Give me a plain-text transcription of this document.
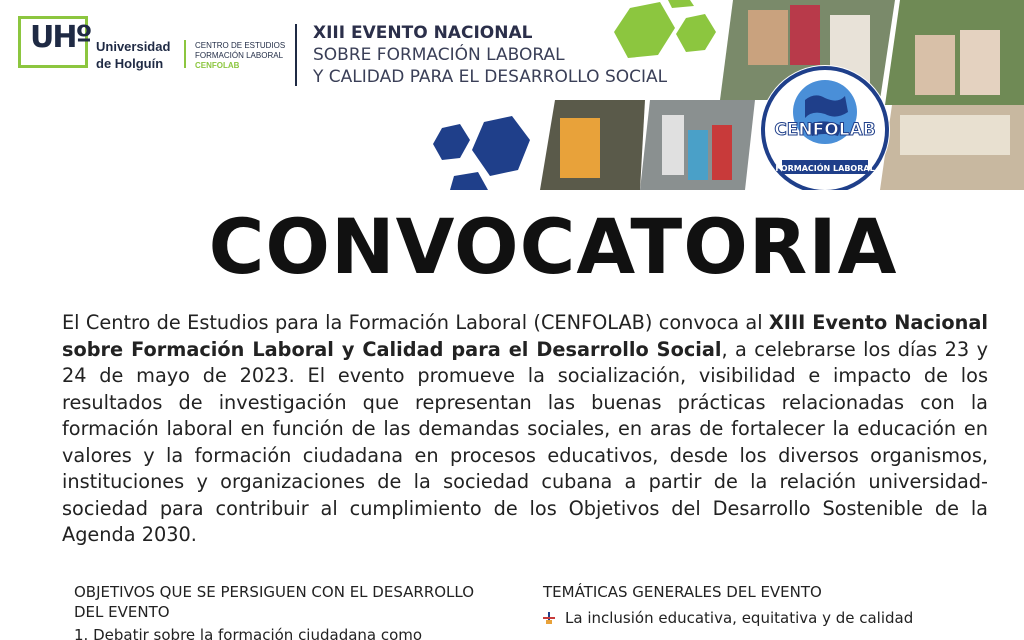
UHº Universidad
de Holguín
CENTRO DE ESTUDIOS
FORMACIÓN LABORAL
CENFOLAB
XIII EVENTO NACIONAL
SOBRE FORMACIÓN LABORAL
Y CALIDAD PARA EL DESARROLLO SOCIAL
CENFOLAB
FORMACIÓN LABORAL
CONVOCATORIA

El Centro de Estudios para la Formación Laboral (CENFOLAB) convoca al XIII Evento Nacional sobre Formación Laboral y Calidad para el Desarrollo Social, a celebrarse los días 23 y 24 de mayo de 2023. El evento promueve la socialización, visibilidad e impacto de los resultados de investigación que representan las buenas prácticas relacionadas con la formación laboral en función de las demandas sociales, en aras de fortalecer la educación en valores y la formación ciudadana en procesos educativos, desde los diversos organismos, instituciones y organizaciones de la sociedad cubana a partir de la relación universidad-sociedad para contribuir al cumplimiento de los Objetivos del Desarrollo Sostenible de la Agenda 2030.

OBJETIVOS QUE SE PERSIGUEN CON EL DESARROLLO DEL EVENTO
1. Debatir sobre la formación ciudadana como
TEMÁTICAS GENERALES DEL EVENTO
La inclusión educativa, equitativa y de calidad
